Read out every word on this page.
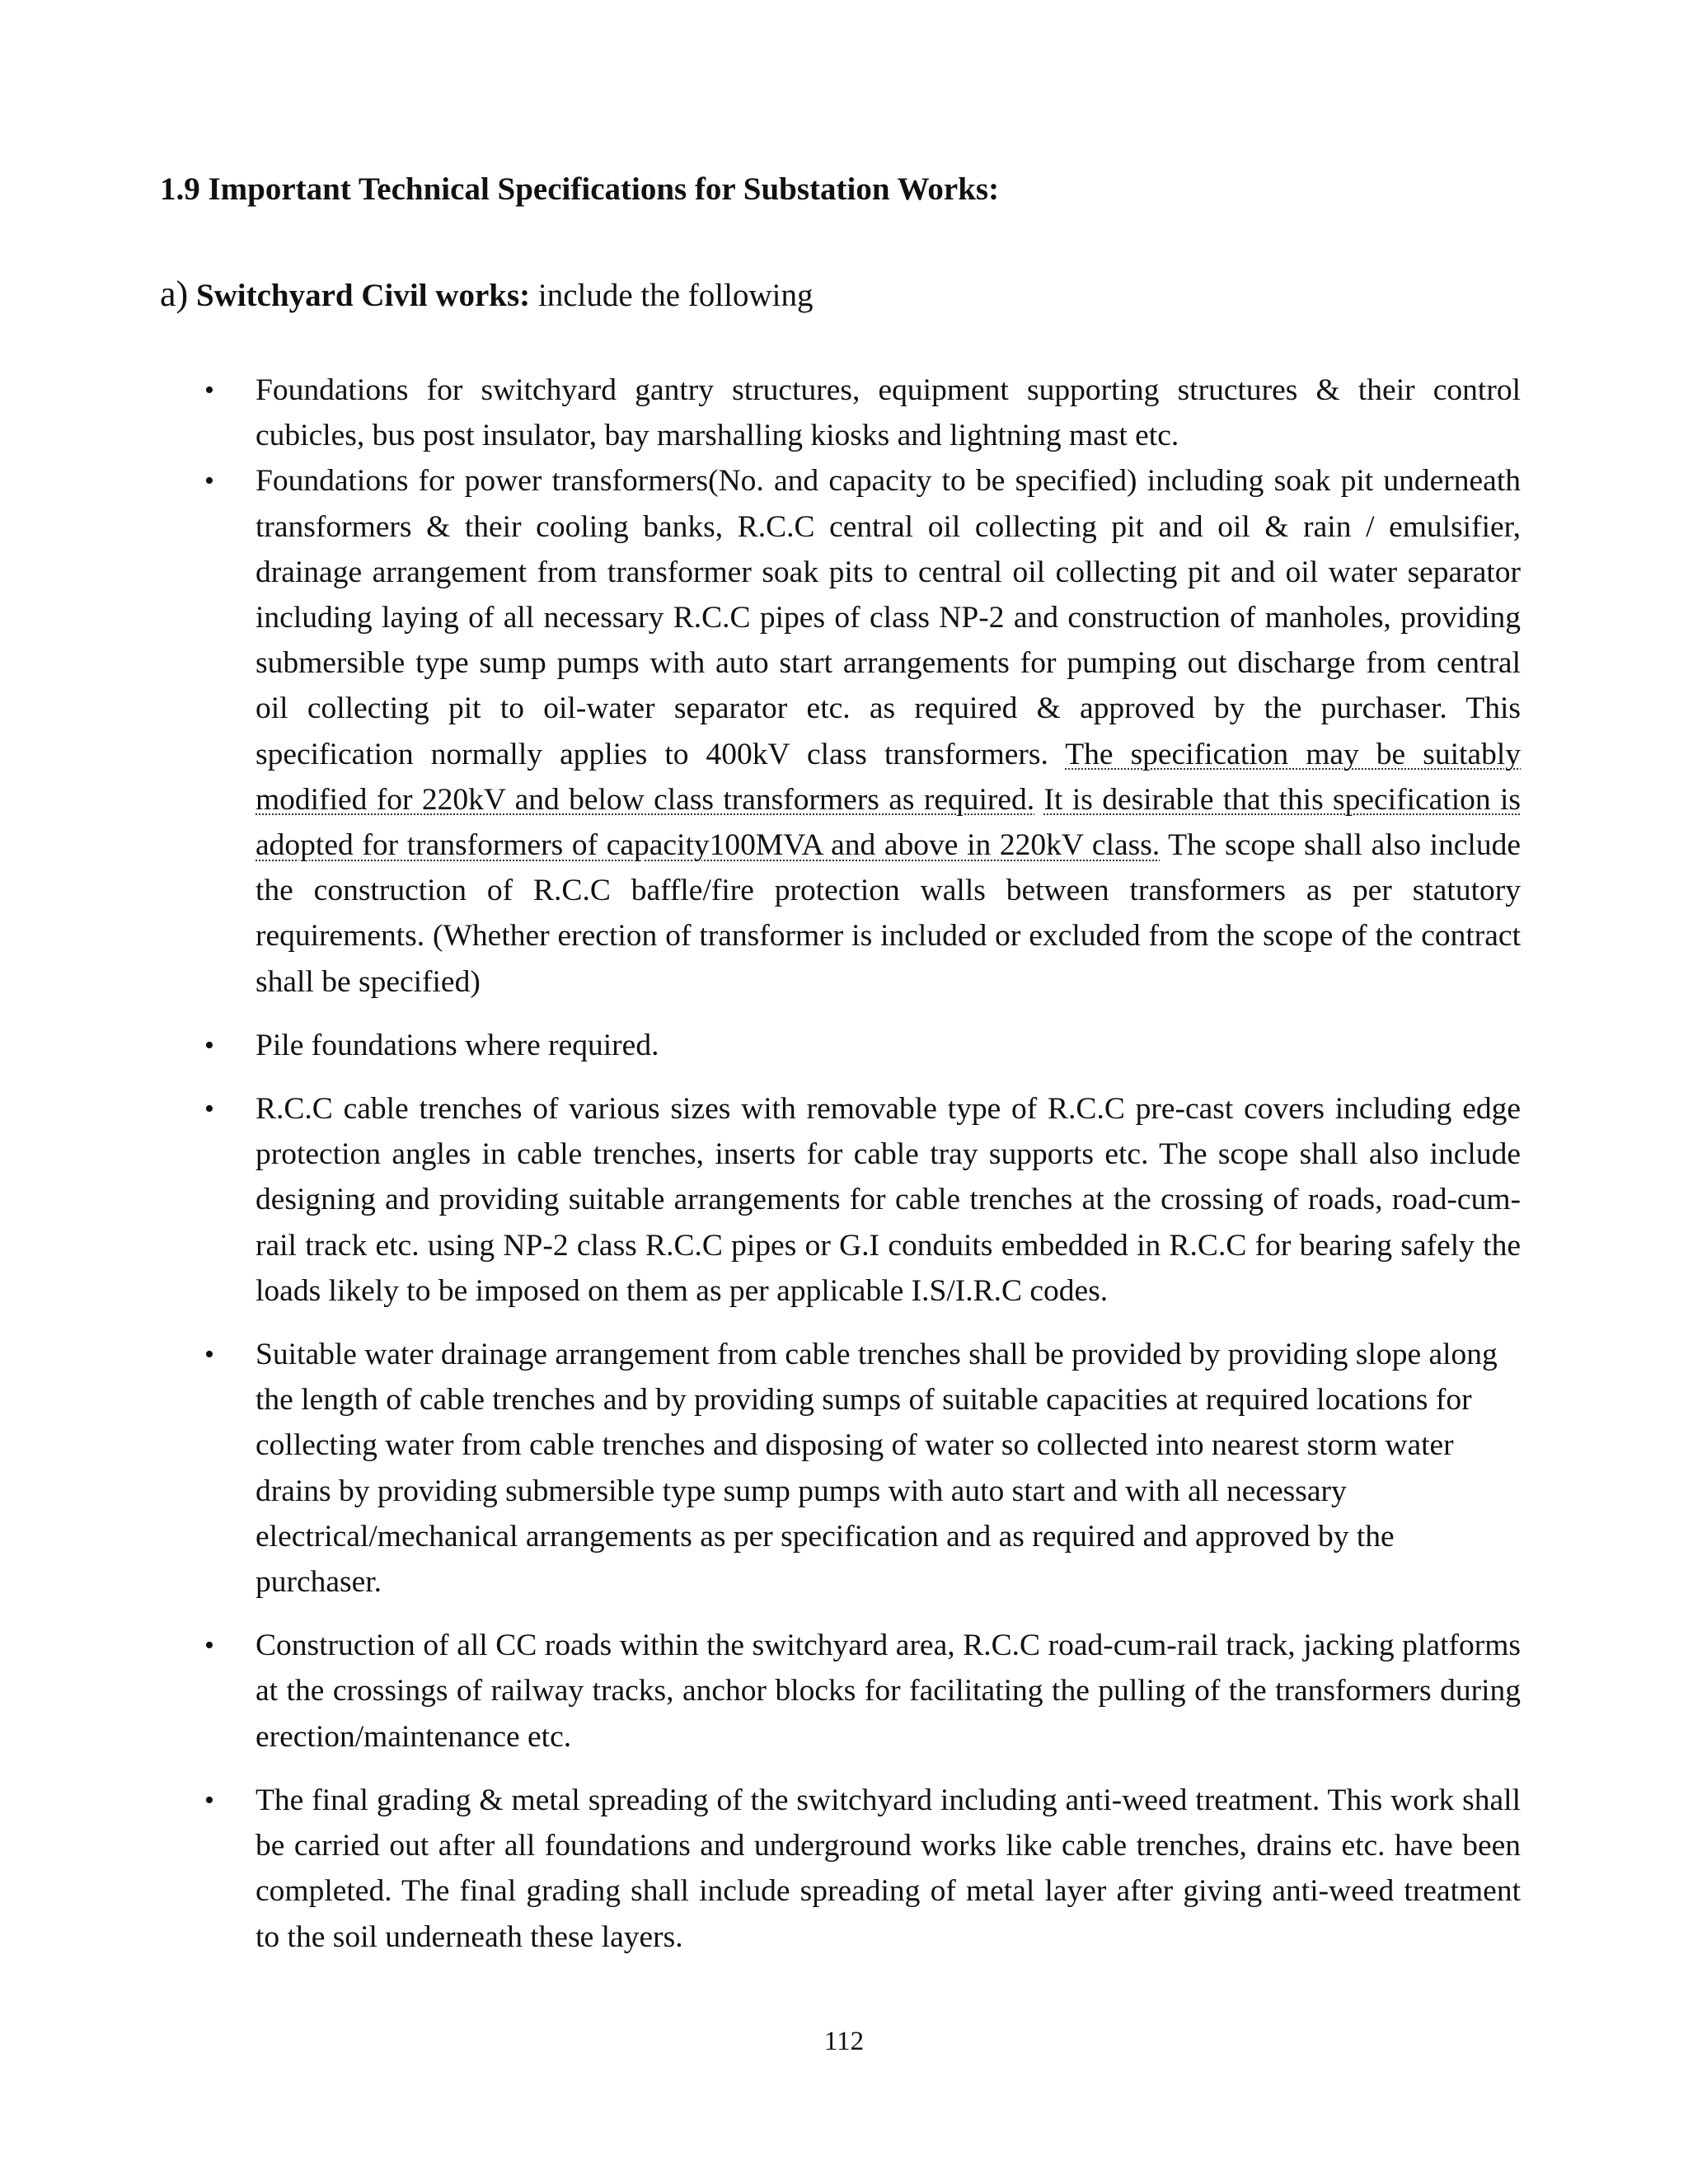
1.9 Important Technical Specifications for Substation Works:

a) Switchyard Civil works: include the following

• Foundations for switchyard gantry structures, equipment supporting structures & their control cubicles, bus post insulator, bay marshalling kiosks and lightning mast etc.
• Foundations for power transformers(No. and capacity to be specified) including soak pit underneath transformers & their cooling banks, R.C.C central oil collecting pit and oil & rain / emulsifier, drainage arrangement from transformer soak pits to central oil collecting pit and oil water separator including laying of all necessary R.C.C pipes of class NP-2 and construction of manholes, providing submersible type sump pumps with auto start arrangements for pumping out discharge from central oil collecting pit to oil-water separator etc. as required & approved by the purchaser. This specification normally applies to 400kV class transformers. The specification may be suitably modified for 220kV and below class transformers as required. It is desirable that this specification is adopted for transformers of capacity100MVA and above in 220kV class. The scope shall also include the construction of R.C.C baffle/fire protection walls between transformers as per statutory requirements. (Whether erection of transformer is included or excluded from the scope of the contract shall be specified)
• Pile foundations where required.
• R.C.C cable trenches of various sizes with removable type of R.C.C pre-cast covers including edge protection angles in cable trenches, inserts for cable tray supports etc. The scope shall also include designing and providing suitable arrangements for cable trenches at the crossing of roads, road-cum-rail track etc. using NP-2 class R.C.C pipes or G.I conduits embedded in R.C.C for bearing safely the loads likely to be imposed on them as per applicable I.S/I.R.C codes.
• Suitable water drainage arrangement from cable trenches shall be provided by providing slope along the length of cable trenches and by providing sumps of suitable capacities at required locations for collecting water from cable trenches and disposing of water so collected into nearest storm water drains by providing submersible type sump pumps with auto start and with all necessary electrical/mechanical arrangements as per specification and as required and approved by the purchaser.
• Construction of all CC roads within the switchyard area, R.C.C road-cum-rail track, jacking platforms at the crossings of railway tracks, anchor blocks for facilitating the pulling of the transformers during erection/maintenance etc.
• The final grading & metal spreading of the switchyard including anti-weed treatment. This work shall be carried out after all foundations and underground works like cable trenches, drains etc. have been completed. The final grading shall include spreading of metal layer after giving anti-weed treatment to the soil underneath these layers.
112
